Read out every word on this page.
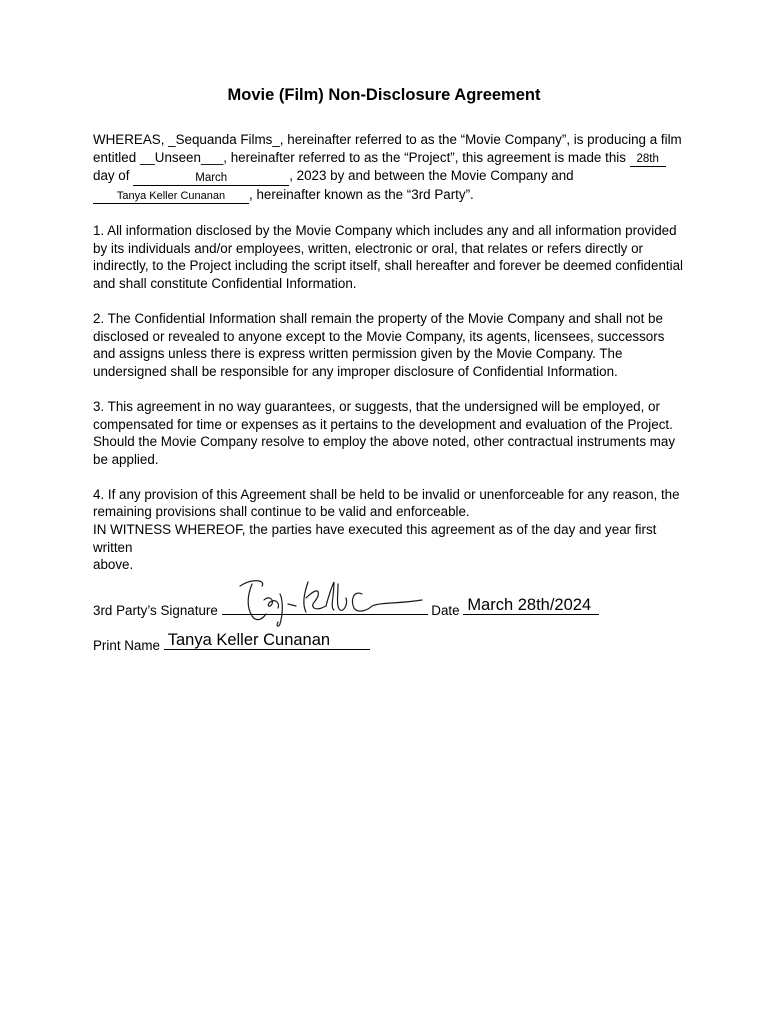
Movie (Film) Non-Disclosure Agreement

WHEREAS, _Sequanda Films_, hereinafter referred to as the “Movie Company”, is producing a film entitled __Unseen___, hereinafter referred to as the “Project”, this agreement is made this 28th
day of	March	, 2023 by and between the Movie Company and
Tanya Keller Cunanan	, hereinafter known as the “3rd Party”.

1. All information disclosed by the Movie Company which includes any and all information provided by its individuals and/or employees, written, electronic or oral, that relates or refers directly or indirectly, to the Project including the script itself, shall hereafter and forever be deemed confidential and shall constitute Confidential Information.

2. The Confidential Information shall remain the property of the Movie Company and shall not be disclosed or revealed to anyone except to the Movie Company, its agents, licensees, successors and assigns unless there is express written permission given by the Movie Company. The undersigned shall be responsible for any improper disclosure of Confidential Information.

3. This agreement in no way guarantees, or suggests, that the undersigned will be employed, or compensated for time or expenses as it pertains to the development and evaluation of the Project. Should the Movie Company resolve to employ the above noted, other contractual instruments may be applied.

4. If any provision of this Agreement shall be held to be invalid or unenforceable for any reason, the remaining provisions shall continue to be valid and enforceable.

IN WITNESS WHEREOF, the parties have executed this agreement as of the day and year first written

above.

3rd Party’s Signature	Date March 28th/2024
Print Name Tanya Keller Cunanan
